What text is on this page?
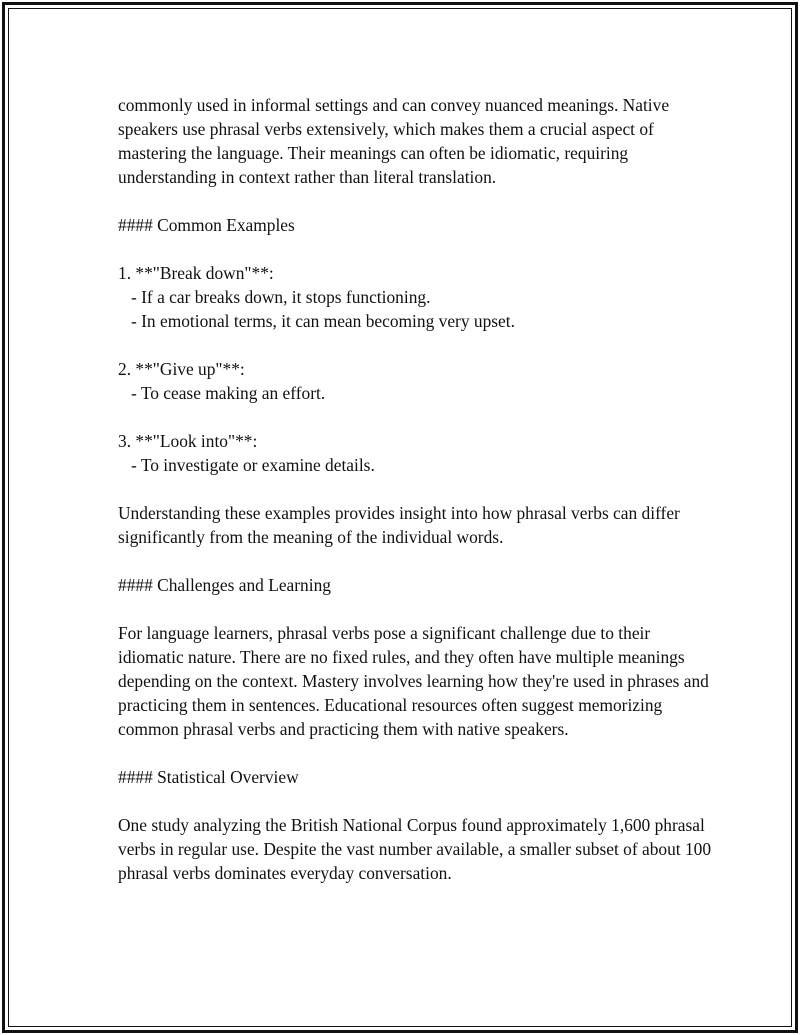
commonly used in informal settings and can convey nuanced meanings. Native speakers use phrasal verbs extensively, which makes them a crucial aspect of mastering the language. Their meanings can often be idiomatic, requiring understanding in context rather than literal translation.

#### Common Examples

1. **"Break down"**:

- If a car breaks down, it stops functioning.

- In emotional terms, it can mean becoming very upset.

2. **"Give up"**:

- To cease making an effort.

3. **"Look into"**:

- To investigate or examine details.

Understanding these examples provides insight into how phrasal verbs can differ significantly from the meaning of the individual words.

#### Challenges and Learning

For language learners, phrasal verbs pose a significant challenge due to their idiomatic nature. There are no fixed rules, and they often have multiple meanings depending on the context. Mastery involves learning how they're used in phrases and practicing them in sentences. Educational resources often suggest memorizing common phrasal verbs and practicing them with native speakers.

#### Statistical Overview

One study analyzing the British National Corpus found approximately 1,600 phrasal verbs in regular use. Despite the vast number available, a smaller subset of about 100 phrasal verbs dominates everyday conversation.
